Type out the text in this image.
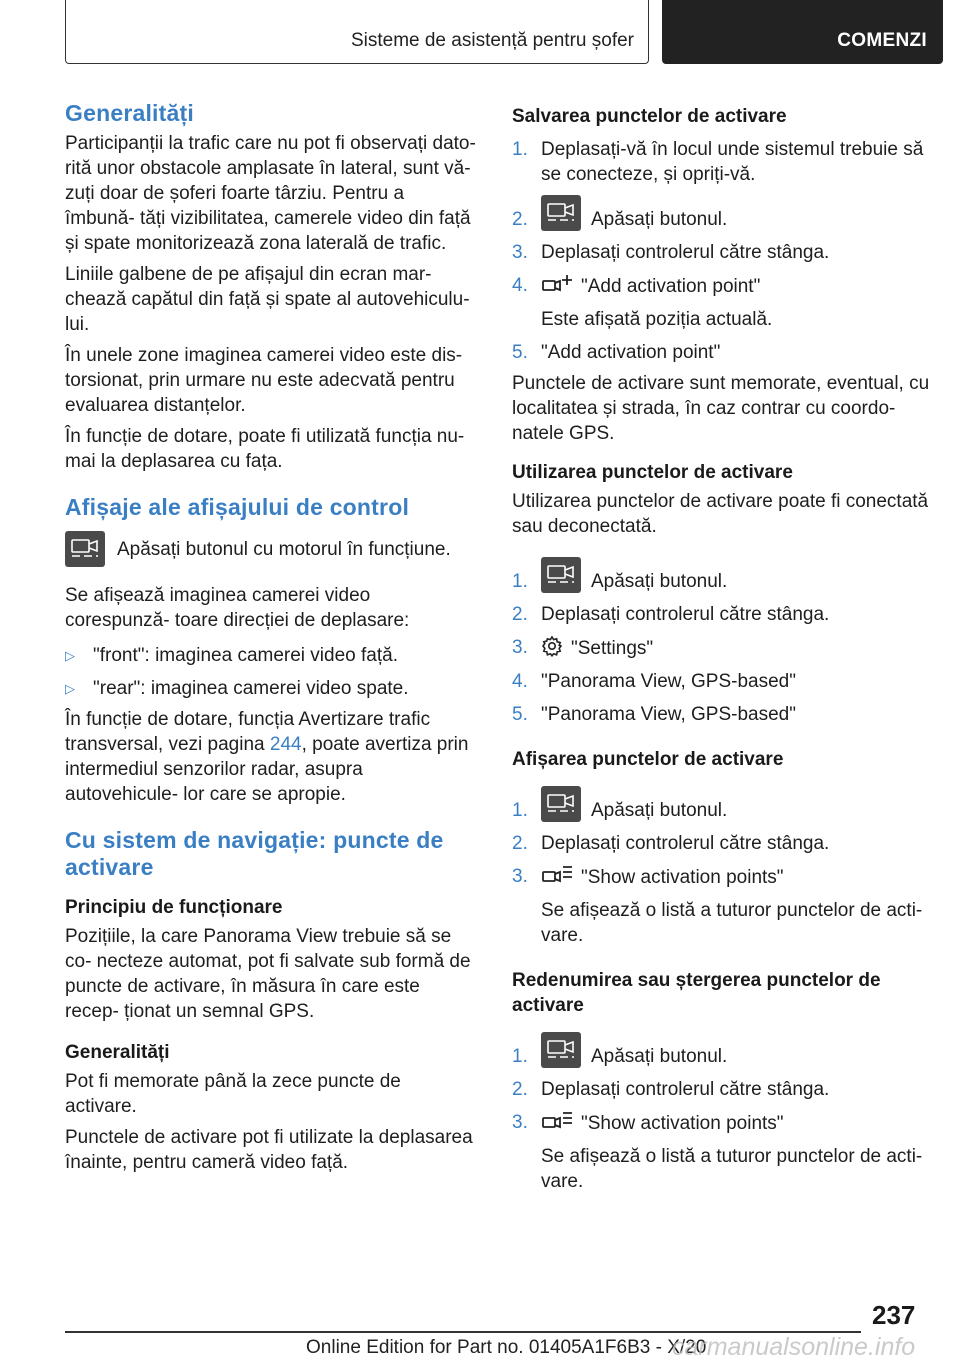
Sisteme de asistență pentru șofer	COMENZI
Generalități
Participanții la trafic care nu pot fi observați dato- rită unor obstacole amplasate în lateral, sunt vă- zuți doar de șoferi foarte târziu. Pentru a îmbună- tăți vizibilitatea, camerele video din față și spate monitorizează zona laterală de trafic.
Liniile galbene de pe afișajul din ecran mar- chează capătul din față și spate al autovehiculu- lui.
În unele zone imaginea camerei video este dis- torsionat, prin urmare nu este adecvată pentru evaluarea distanțelor.
În funcție de dotare, poate fi utilizată funcția nu- mai la deplasarea cu fața.
Afișaje ale afișajului de control
Apăsați butonul cu motorul în funcțiune.
Se afișează imaginea camerei video corespunză- toare direcției de deplasare:
▷ "front": imaginea camerei video față.
▷ "rear": imaginea camerei video spate.
În funcție de dotare, funcția Avertizare trafic transversal, vezi pagina 244, poate avertiza prin intermediul senzorilor radar, asupra autovehicule- lor care se apropie.
Cu sistem de navigație: puncte de activare
Principiu de funcționare
Pozițiile, la care Panorama View trebuie să se co- necteze automat, pot fi salvate sub formă de puncte de activare, în măsura în care este recep- ționat un semnal GPS.
Generalități
Pot fi memorate până la zece puncte de activare.
Punctele de activare pot fi utilizate la deplasarea înainte, pentru cameră video față.
Salvarea punctelor de activare
1. Deplasați-vă în locul unde sistemul trebuie să se conecteze, și opriți-vă.
2.	Apăsați butonul.
3. Deplasați controlerul către stânga.
4.	"Add activation point"
Este afișată poziția actuală.
5. "Add activation point"
Punctele de activare sunt memorate, eventual, cu localitatea și strada, în caz contrar cu coordo- natele GPS.
Utilizarea punctelor de activare
Utilizarea punctelor de activare poate fi conectată sau deconectată.
1.	Apăsați butonul.
2. Deplasați controlerul către stânga.
3.	"Settings"
4. "Panorama View, GPS-based"
5. "Panorama View, GPS-based"
Afișarea punctelor de activare
1.	Apăsați butonul.
2. Deplasați controlerul către stânga.
3.	"Show activation points"
Se afișează o listă a tuturor punctelor de acti- vare.
Redenumirea sau ștergerea punctelor de activare
1.	Apăsați butonul.
2. Deplasați controlerul către stânga.
3.	"Show activation points"
Se afișează o listă a tuturor punctelor de acti- vare.
237
Online Edition for Part no. 01405A1F6B3 - X/20
carmanualsonline.info
